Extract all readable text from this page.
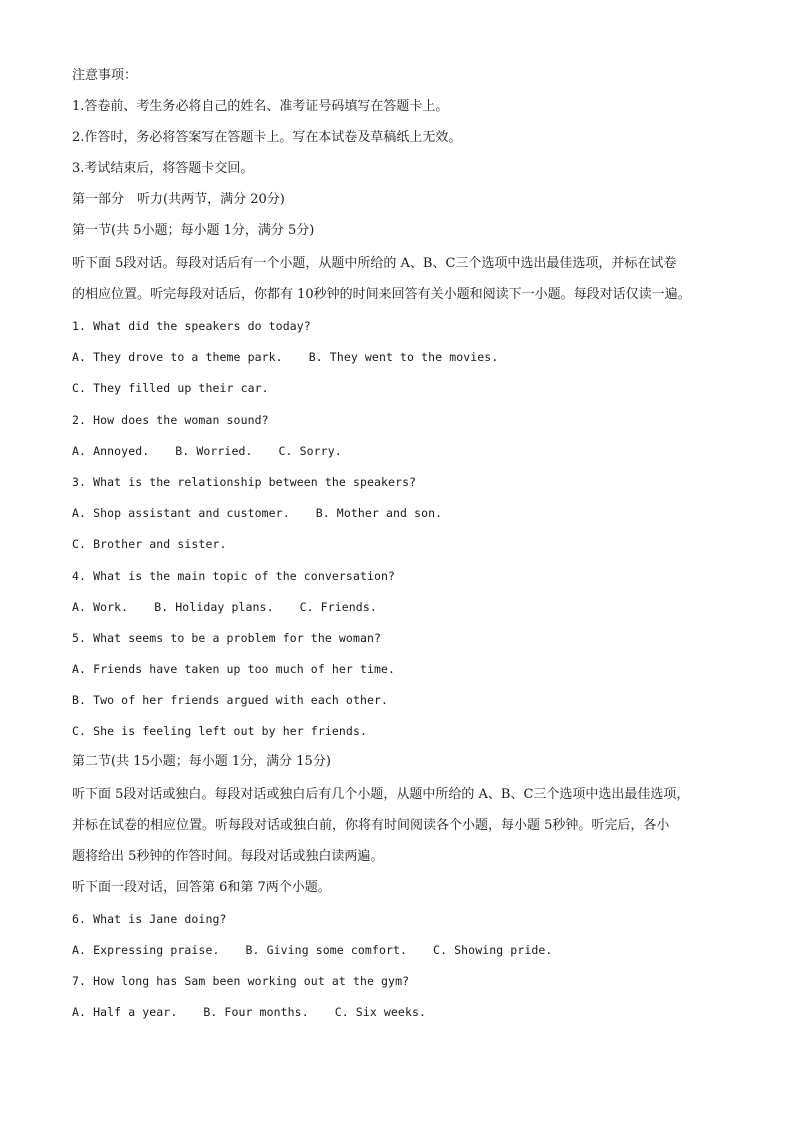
注意事项：
1.答卷前、考生务必将自己的姓名、准考证号码填写在答题卡上。
2.作答时，务必将答案写在答题卡上。写在本试卷及草稿纸上无效。
3.考试结束后，将答题卡交回。
第一部分　听力(共两节，满分 20分)
第一节(共 5小题；每小题 1分，满分 5分)
听下面 5段对话。每段对话后有一个小题，从题中所给的 A、B、C三个选项中选出最佳选项，并标在试卷
的相应位置。听完每段对话后，你都有 10秒钟的时间来回答有关小题和阅读下一小题。每段对话仅读一遍。
1. What did the speakers do today?
A. They drove to a theme park. B. They went to the movies.
C. They filled up their car.
2. How does the woman sound?
A. Annoyed. B. Worried. C. Sorry.
3. What is the relationship between the speakers?
A. Shop assistant and customer. B. Mother and son.
C. Brother and sister.
4. What is the main topic of the conversation?
A. Work. B. Holiday plans. C. Friends.
5. What seems to be a problem for the woman?
A. Friends have taken up too much of her time.
B. Two of her friends argued with each other.
C. She is feeling left out by her friends.
第二节(共 15小题；每小题 1分，满分 15分)
听下面 5段对话或独白。每段对话或独白后有几个小题，从题中所给的 A、B、C三个选项中选出最佳选项，
并标在试卷的相应位置。听每段对话或独白前，你将有时间阅读各个小题，每小题 5秒钟。听完后，各小
题将给出 5秒钟的作答时间。每段对话或独白读两遍。
听下面一段对话，回答第 6和第 7两个小题。
6. What is Jane doing?
A. Expressing praise. B. Giving some comfort. C. Showing pride.
7. How long has Sam been working out at the gym?
A. Half a year. B. Four months. C. Six weeks.
